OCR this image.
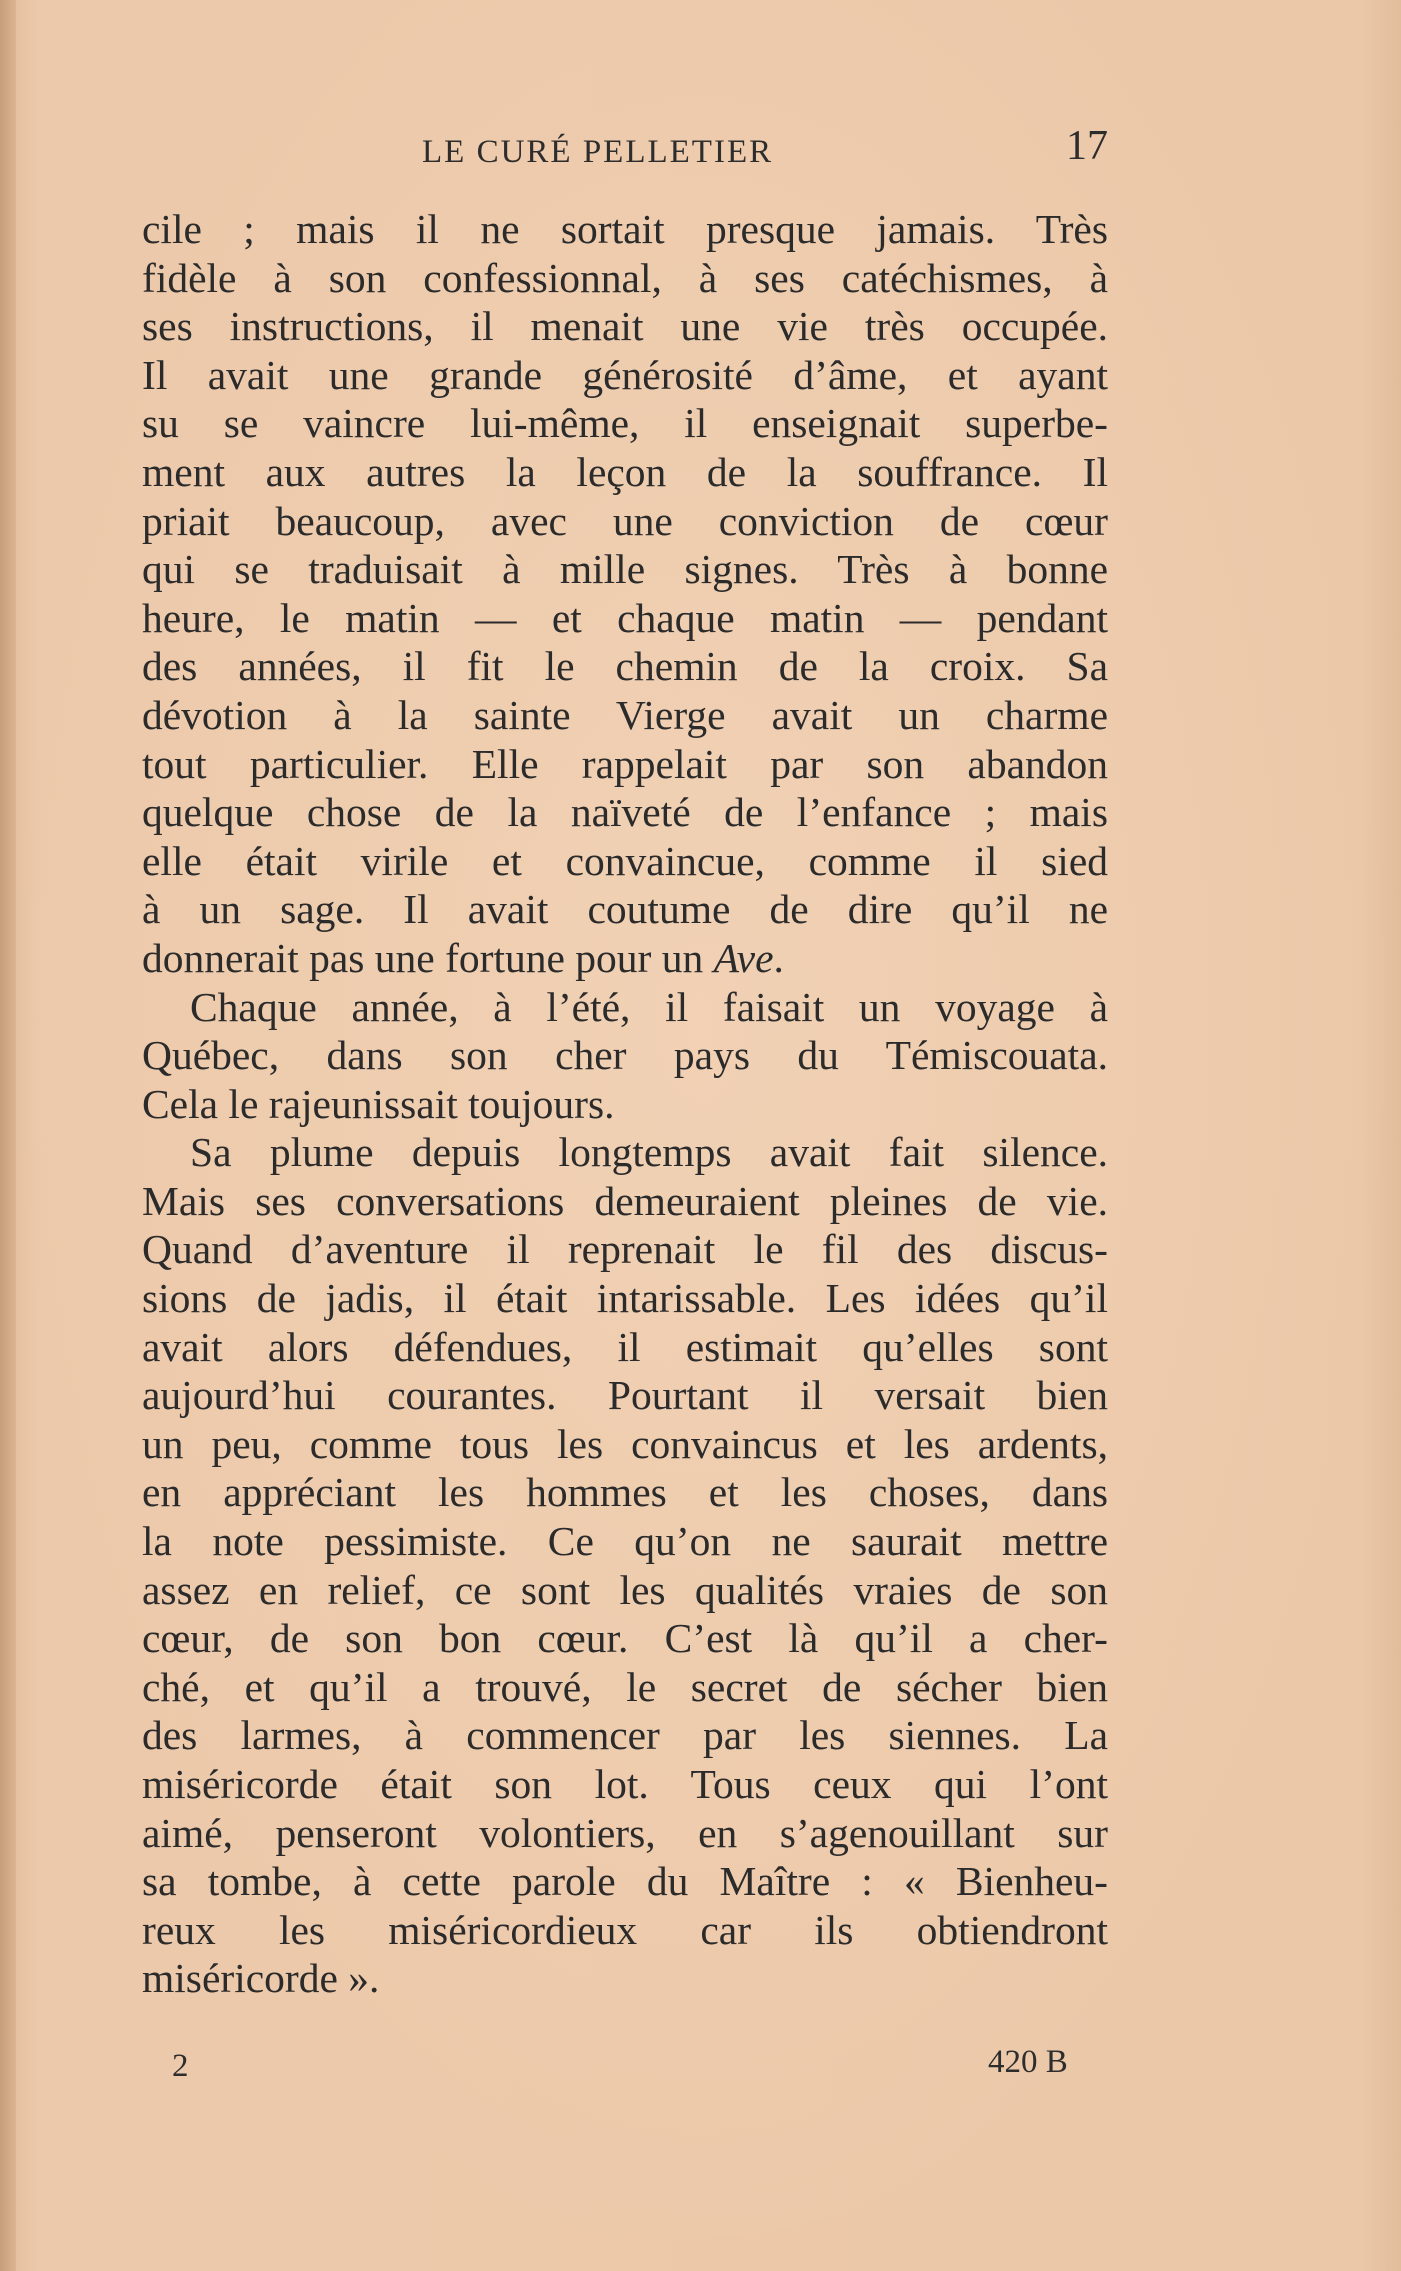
LE CURÉ PELLETIER	17
cile ; mais il ne sortait presque jamais. Très
fidèle à son confessionnal, à ses catéchismes, à
ses instructions, il menait une vie très occupée.
Il avait une grande générosité d’âme, et ayant
su se vaincre lui-même, il enseignait superbe-
ment aux autres la leçon de la souffrance. Il
priait beaucoup, avec une conviction de cœur
qui se traduisait à mille signes. Très à bonne
heure, le matin — et chaque matin — pendant
des années, il fit le chemin de la croix. Sa
dévotion à la sainte Vierge avait un charme
tout particulier. Elle rappelait par son abandon
quelque chose de la naïveté de l’enfance ; mais
elle était virile et convaincue, comme il sied
à un sage. Il avait coutume de dire qu’il ne
donnerait pas une fortune pour un Ave.
Chaque année, à l’été, il faisait un voyage à
Québec, dans son cher pays du Témiscouata.
Cela le rajeunissait toujours.
Sa plume depuis longtemps avait fait silence.
Mais ses conversations demeuraient pleines de vie.
Quand d’aventure il reprenait le fil des discus-
sions de jadis, il était intarissable. Les idées qu’il
avait alors défendues, il estimait qu’elles sont
aujourd’hui courantes. Pourtant il versait bien
un peu, comme tous les convaincus et les ardents,
en appréciant les hommes et les choses, dans
la note pessimiste. Ce qu’on ne saurait mettre
assez en relief, ce sont les qualités vraies de son
cœur, de son bon cœur. C’est là qu’il a cher-
ché, et qu’il a trouvé, le secret de sécher bien
des larmes, à commencer par les siennes. La
miséricorde était son lot. Tous ceux qui l’ont
aimé, penseront volontiers, en s’agenouillant sur
sa tombe, à cette parole du Maître : « Bienheu-
reux les miséricordieux car ils obtiendront
miséricorde ».
2	420 B
